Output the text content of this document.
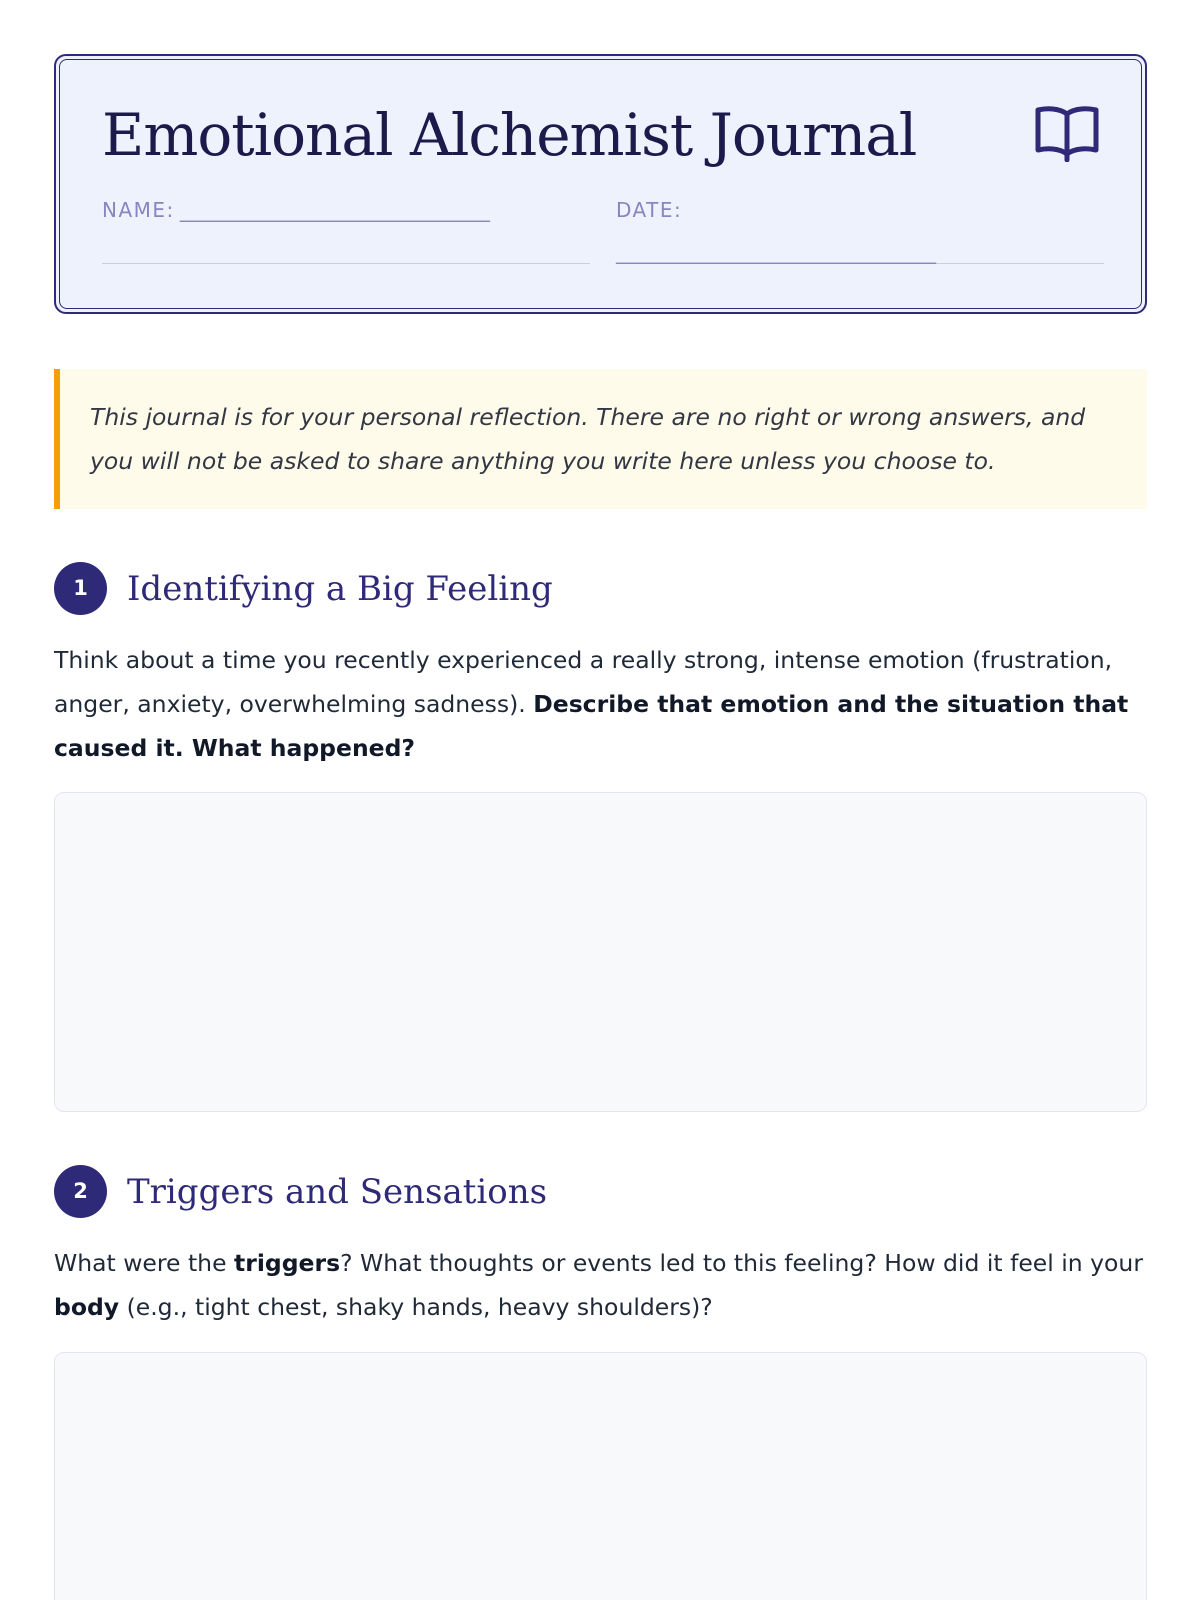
Emotional Alchemist Journal
NAME: _______________________________	DATE:
________________________________

This journal is for your personal reflection. There are no right or wrong answers, and you will not be asked to share anything you write here unless you choose to.

1	Identifying a Big Feeling

Think about a time you recently experienced a really strong, intense emotion (frustration, anger, anxiety, overwhelming sadness). Describe that emotion and the situation that caused it. What happened?

2	Triggers and Sensations

What were the triggers? What thoughts or events led to this feeling? How did it feel in your body (e.g., tight chest, shaky hands, heavy shoulders)?
